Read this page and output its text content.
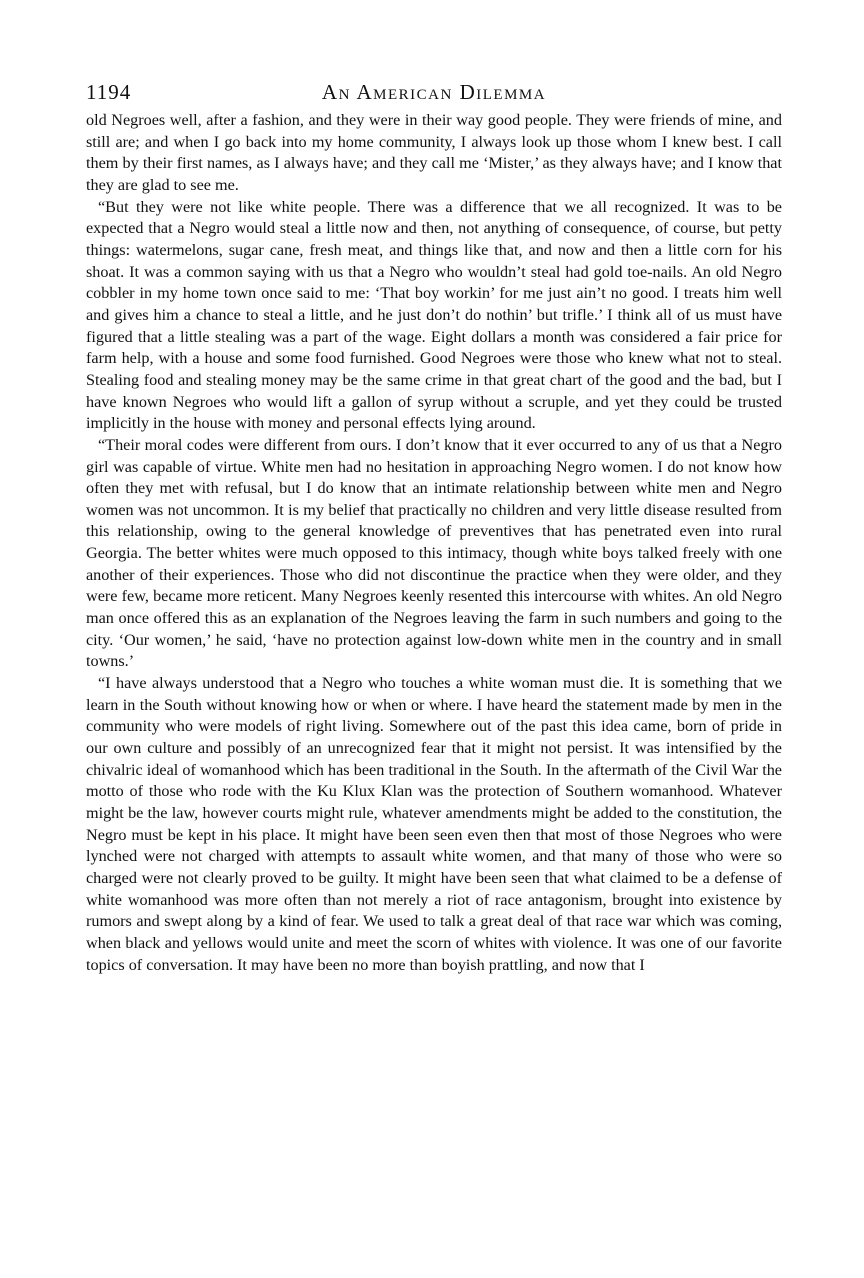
1194	An American Dilemma

old Negroes well, after a fashion, and they were in their way good people. They were friends of mine, and still are; and when I go back into my home community, I always look up those whom I knew best. I call them by their first names, as I always have; and they call me ‘Mister,’ as they always have; and I know that they are glad to see me.

“But they were not like white people. There was a difference that we all recognized. It was to be expected that a Negro would steal a little now and then, not anything of consequence, of course, but petty things: watermelons, sugar cane, fresh meat, and things like that, and now and then a little corn for his shoat. It was a common saying with us that a Negro who wouldn’t steal had gold toe-nails. An old Negro cobbler in my home town once said to me: ‘That boy workin’ for me just ain’t no good. I treats him well and gives him a chance to steal a little, and he just don’t do nothin’ but trifle.’ I think all of us must have figured that a little stealing was a part of the wage. Eight dollars a month was considered a fair price for farm help, with a house and some food furnished. Good Negroes were those who knew what not to steal. Stealing food and stealing money may be the same crime in that great chart of the good and the bad, but I have known Negroes who would lift a gallon of syrup without a scruple, and yet they could be trusted implicitly in the house with money and personal effects lying around.

“Their moral codes were different from ours. I don’t know that it ever occurred to any of us that a Negro girl was capable of virtue. White men had no hesitation in approaching Negro women. I do not know how often they met with refusal, but I do know that an intimate relationship between white men and Negro women was not uncommon. It is my belief that practically no children and very little disease resulted from this relationship, owing to the general knowledge of preventives that has penetrated even into rural Georgia. The better whites were much opposed to this intimacy, though white boys talked freely with one another of their experiences. Those who did not discontinue the practice when they were older, and they were few, became more reticent. Many Negroes keenly resented this intercourse with whites. An old Negro man once offered this as an explanation of the Negroes leaving the farm in such numbers and going to the city. ‘Our women,’ he said, ‘have no protection against low-down white men in the country and in small towns.’

“I have always understood that a Negro who touches a white woman must die. It is something that we learn in the South without knowing how or when or where. I have heard the statement made by men in the community who were models of right living. Somewhere out of the past this idea came, born of pride in our own culture and possibly of an unrecognized fear that it might not persist. It was intensified by the chivalric ideal of womanhood which has been traditional in the South. In the aftermath of the Civil War the motto of those who rode with the Ku Klux Klan was the protection of Southern womanhood. Whatever might be the law, however courts might rule, whatever amendments might be added to the constitution, the Negro must be kept in his place. It might have been seen even then that most of those Negroes who were lynched were not charged with attempts to assault white women, and that many of those who were so charged were not clearly proved to be guilty. It might have been seen that what claimed to be a defense of white womanhood was more often than not merely a riot of race antagonism, brought into existence by rumors and swept along by a kind of fear. We used to talk a great deal of that race war which was coming, when black and yellows would unite and meet the scorn of whites with violence. It was one of our favorite topics of conversation. It may have been no more than boyish prattling, and now that I
